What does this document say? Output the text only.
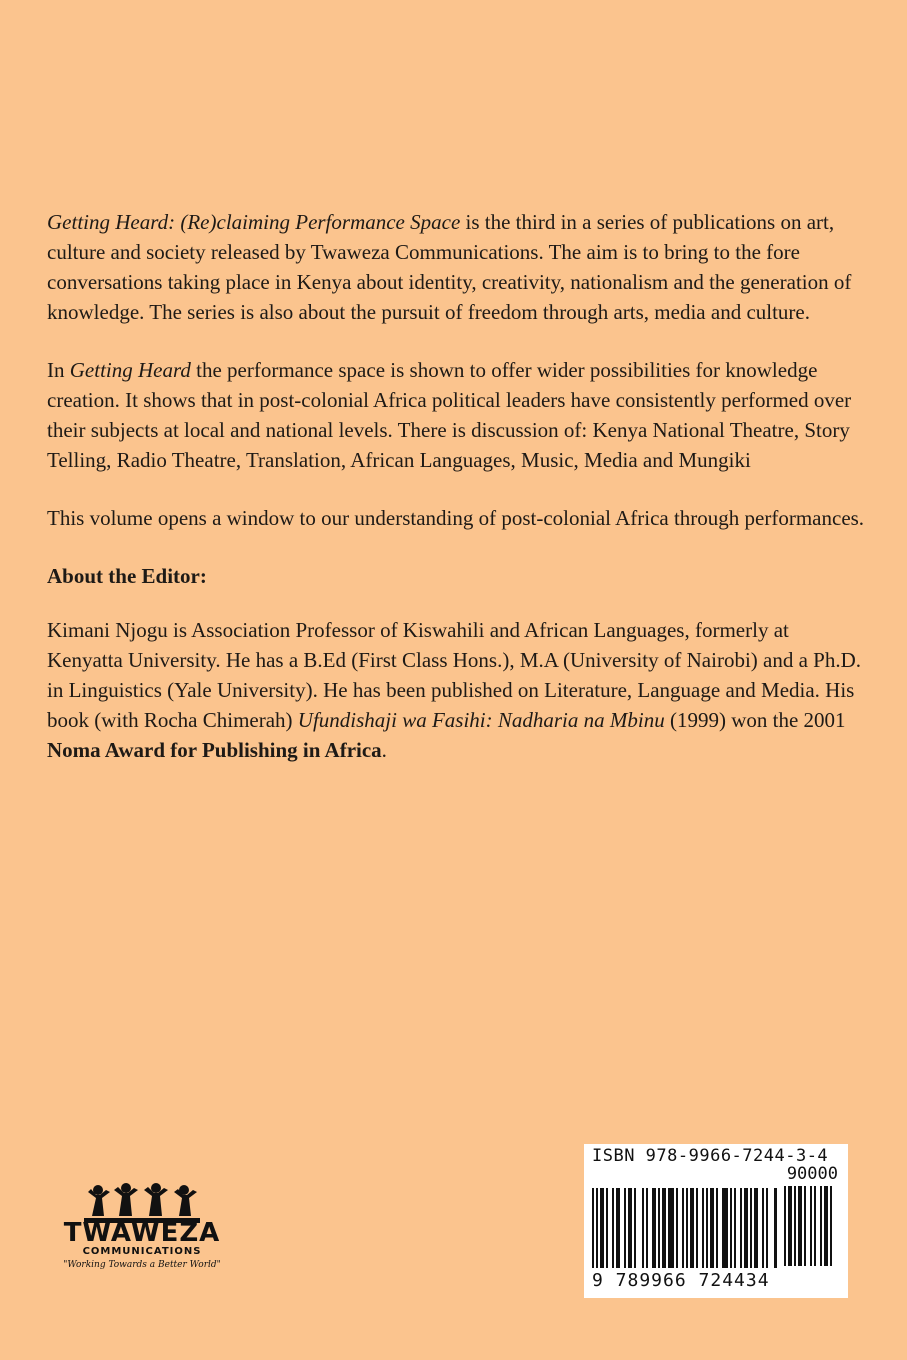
Getting Heard: (Re)claiming Performance Space is the third in a series of publications on art, culture and society released by Twaweza Communications. The aim is to bring to the fore conversations taking place in Kenya about identity, creativity, nationalism and the generation of knowledge. The series is also about the pursuit of freedom through arts, media and culture.

In Getting Heard the performance space is shown to offer wider possibilities for knowledge creation. It shows that in post-colonial Africa political leaders have consistently performed over their subjects at local and national levels. There is discussion of: Kenya National Theatre, Story Telling, Radio Theatre, Translation, African Languages, Music, Media and Mungiki

This volume opens a window to our understanding of post-colonial Africa through performances.

About the Editor:

Kimani Njogu is Association Professor of Kiswahili and African Languages, formerly at Kenyatta University. He has a B.Ed (First Class Hons.), M.A (University of Nairobi) and a Ph.D. in Linguistics (Yale University). He has been published on Literature, Language and Media. His book (with Rocha Chimerah) Ufundishaji wa Fasihi: Nadharia na Mbinu (1999) won the 2001 Noma Award for Publishing in Africa.

TWAWEZA
COMMUNICATIONS
"Working Towards a Better World"
ISBN 978-9966-7244-3-4
90000
9 789966 724434
